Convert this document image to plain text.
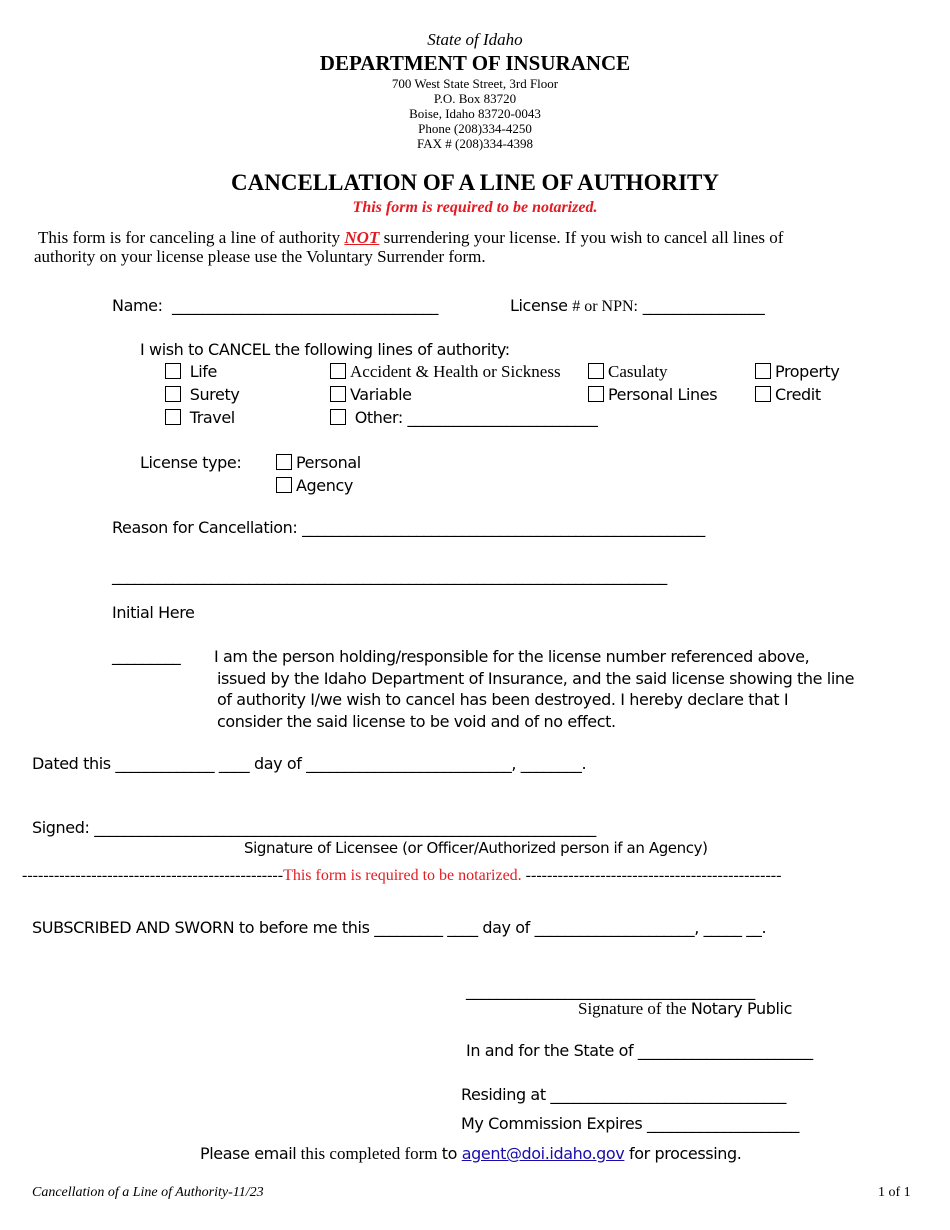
State of Idaho
DEPARTMENT OF INSURANCE
700 West State Street, 3rd Floor
P.O. Box 83720
Boise, Idaho 83720-0043
Phone (208)334-4250
FAX # (208)334-4398
CANCELLATION OF A LINE OF AUTHORITY
This form is required to be notarized.
This form is for canceling a line of authority NOT surrendering your license. If you wish to cancel all lines of
authority on your license please use the Voluntary Surrender form.
Name: ___________________________________	License # or NPN: ________________
I wish to CANCEL the following lines of authority:
Life
Surety
Travel
Accident & Health or Sickness
Variable
Other: _________________________
Casulaty
Personal Lines
Property
Credit
License type:	Personal
Agency
Reason for Cancellation: _____________________________________________________
_________________________________________________________________________
Initial Here
_________ I am the person holding/responsible for the license number referenced above,
issued by the Idaho Department of Insurance, and the said license showing the line
of authority I/we wish to cancel has been destroyed. I hereby declare that I
consider the said license to be void and of no effect.
Dated this _____________ ____ day of ___________________________, ________.
Signed: __________________________________________________________________
Signature of Licensee (or Officer/Authorized person if an Agency)
-------------------------------------------------This form is required to be notarized. ------------------------------------------------
SUBSCRIBED AND SWORN to before me this _________ ____ day of _____________________, _____ __.
______________________________________
Signature of the Notary Public
In and for the State of _______________________
Residing at _______________________________
My Commission Expires ____________________
Please email this completed form to agent@doi.idaho.gov for processing.
Cancellation of a Line of Authority-11/23	1 of 1
